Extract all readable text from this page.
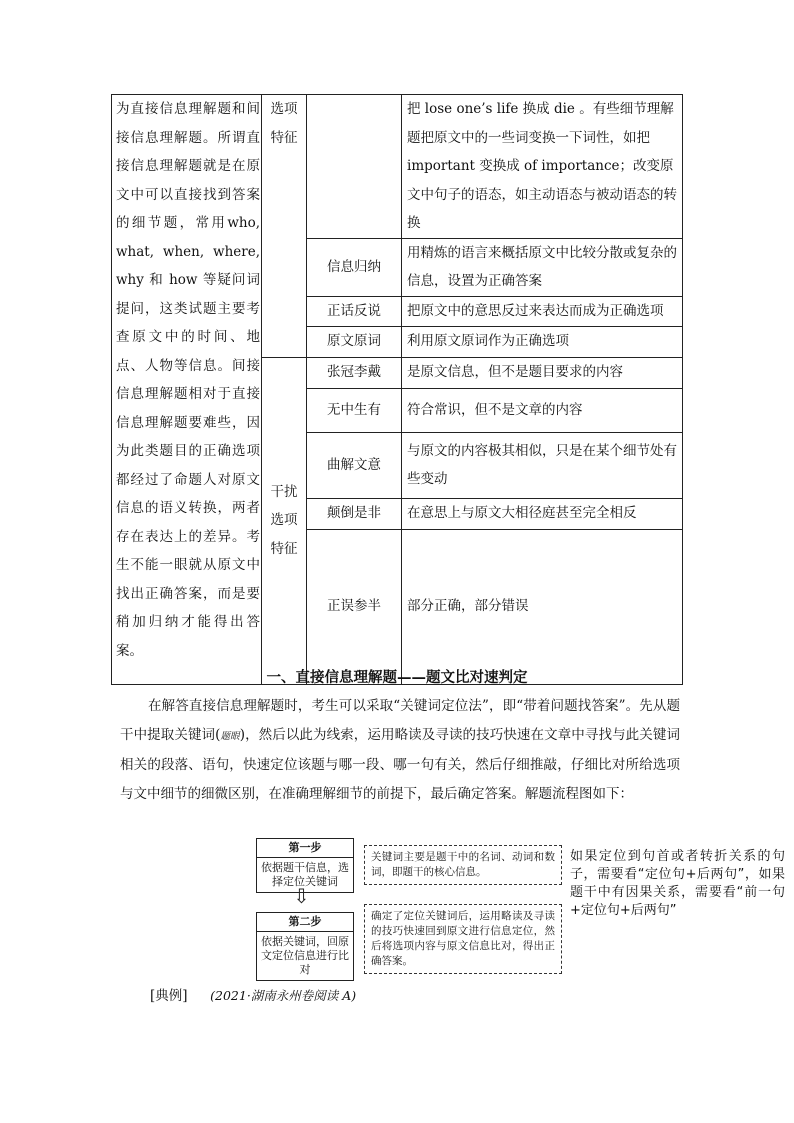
为直接信息理解题和间接信息理解题。所谓直接信息理解题就是在原文中可以直接找到答案的细节题，常用who, what, when, where, why 和 how 等疑问词提问，这类试题主要考查原文中的时间、地点、人物等信息。间接信息理解题相对于直接信息理解题要难些，因为此类题目的正确选项都经过了命题人对原文信息的语义转换，两者存在表达上的差异。考生不能一眼就从原文中找出正确答案，而是要稍加归纳才能得出答案。	选项特征		把 lose one’s life 换成 die 。有些细节理解题把原文中的一些词变换一下词性，如把 important 变换成 of importance；改变原文中句子的语态，如主动语态与被动语态的转换
		信息归纳	用精炼的语言来概括原文中比较分散或复杂的信息，设置为正确答案
		正话反说	把原文中的意思反过来表达而成为正确选项
		原文原词	利用原文原词作为正确选项
	干扰选项特征	张冠李戴	是原文信息，但不是题目要求的内容
		无中生有	符合常识，但不是文章的内容
		曲解文意	与原文的内容极其相似，只是在某个细节处有些变动
		颠倒是非	在意思上与原文大相径庭甚至完全相反
		正误参半	部分正确，部分错误
一、直接信息理解题——题文比对速判定
在解答直接信息理解题时，考生可以采取“关键词定位法”，即“带着问题找答案”。先从题干中提取关键词(题眼)，然后以此为线索，运用略读及寻读的技巧快速在文章中寻找与此关键词相关的段落、语句，快速定位该题与哪一段、哪一句有关，然后仔细推敲，仔细比对所给选项与文中细节的细微区别，在准确理解细节的前提下，最后确定答案。解题流程图如下：
第一步
依据题干信息，选择定位关键词
关键词主要是题干中的名词、动词和数词，即题干的核心信息。
⇩
第二步
依据关键词，回原文定位信息进行比对
确定了定位关键词后，运用略读及寻读的技巧快速回到原文进行信息定位，然后将选项内容与原文信息比对，得出正确答案。
如果定位到句首或者转折关系的句子，需要看“定位句+后两句”，如果题干中有因果关系，需要看“前一句+定位句+后两句”
[典例] (2021·湖南永州卷阅读 A)
